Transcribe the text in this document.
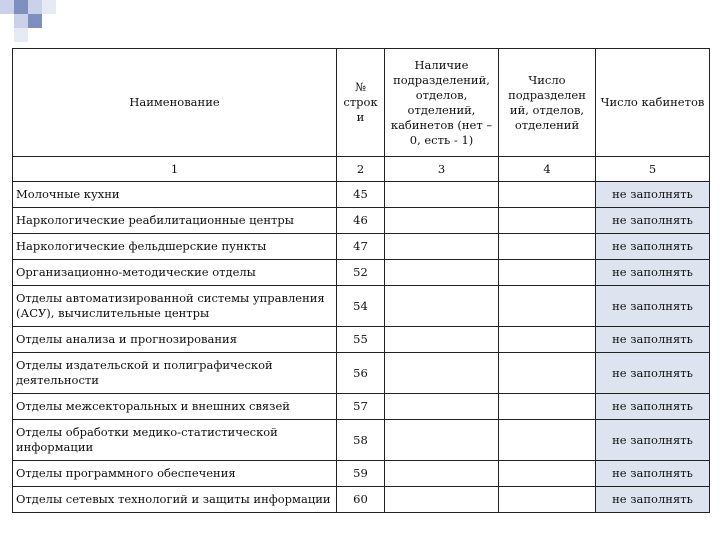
Наименование	№ строк и	Наличие подразделений, отделов, отделений, кабинетов (нет – 0, есть - 1)	Число подразделен ий, отделов, отделений	Число кабинетов
1	2	3	4	5
Молочные кухни	45			не заполнять
Наркологические реабилитационные центры	46			не заполнять
Наркологические фельдшерские пункты	47			не заполнять
Организационно-методические отделы	52			не заполнять
Отделы автоматизированной системы управления (АСУ), вычислительные центры	54			не заполнять
Отделы анализа и прогнозирования	55			не заполнять
Отделы издательской и полиграфической деятельности	56			не заполнять
Отделы межсекторальных и внешних связей	57			не заполнять
Отделы обработки медико-статистической информации	58			не заполнять
Отделы программного обеспечения	59			не заполнять
Отделы сетевых технологий и защиты информации	60			не заполнять
